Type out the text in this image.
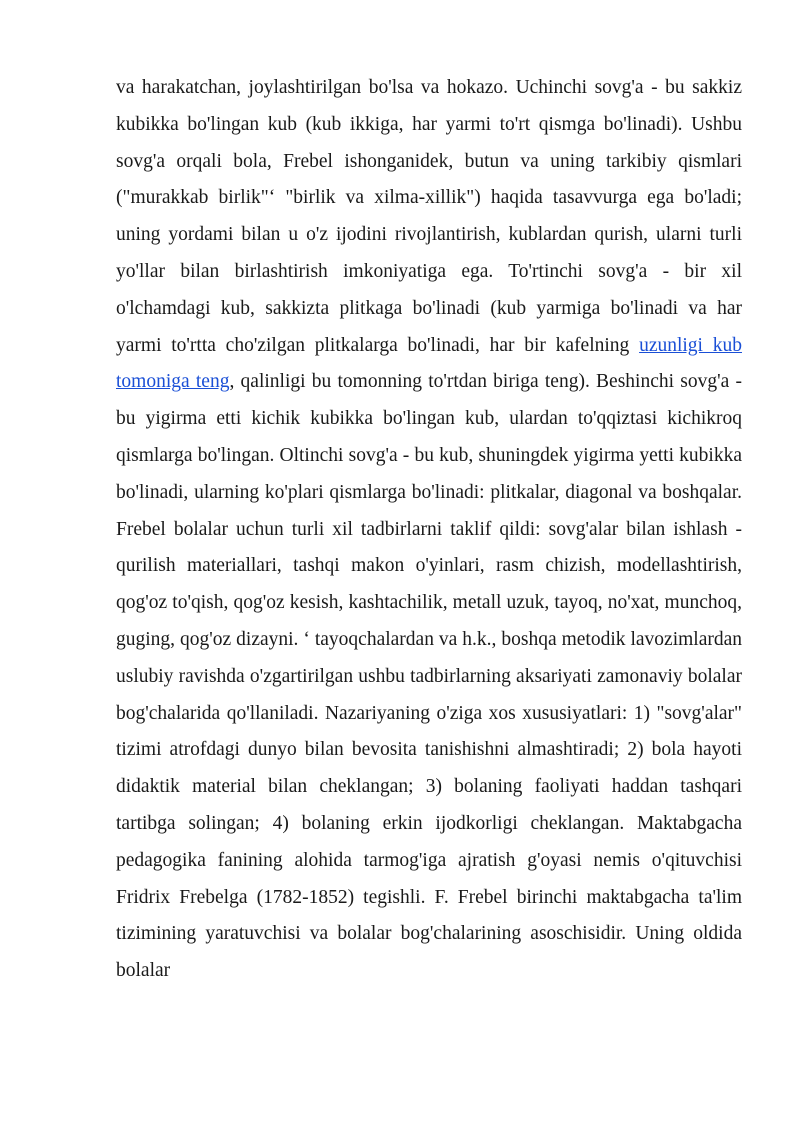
va harakatchan, joylashtirilgan bo'lsa va hokazo. Uchinchi sovg'a - bu sakkiz kubikka bo'lingan kub (kub ikkiga, har yarmi to'rt qismga bo'linadi). Ushbu sovg'a orqali bola, Frebel ishonganidek, butun va uning tarkibiy qismlari ("murakkab birlik"‘ "birlik va xilma-xillik") haqida tasavvurga ega bo'ladi; uning yordami bilan u o'z ijodini rivojlantirish, kublardan qurish, ularni turli yo'llar bilan birlashtirish imkoniyatiga ega. To'rtinchi sovg'a - bir xil o'lchamdagi kub, sakkizta plitkaga bo'linadi (kub yarmiga bo'linadi va har yarmi to'rtta cho'zilgan plitkalarga bo'linadi, har bir kafelning uzunligi kub tomoniga teng, qalinligi bu tomonning to'rtdan biriga teng). Beshinchi sovg'a - bu yigirma etti kichik kubikka bo'lingan kub, ulardan to'qqiztasi kichikroq qismlarga bo'lingan. Oltinchi sovg'a - bu kub, shuningdek yigirma yetti kubikka bo'linadi, ularning ko'plari qismlarga bo'linadi: plitkalar, diagonal va boshqalar. Frebel bolalar uchun turli xil tadbirlarni taklif qildi: sovg'alar bilan ishlash - qurilish materiallari, tashqi makon o'yinlari, rasm chizish, modellashtirish, qog'oz to'qish, qog'oz kesish, kashtachilik, metall uzuk, tayoq, no'xat, munchoq, guging, qog'oz dizayni. ‘ tayoqchalardan va h.k., boshqa metodik lavozimlardan uslubiy ravishda o'zgartirilgan ushbu tadbirlarning aksariyati zamonaviy bolalar bog'chalarida qo'llaniladi. Nazariyaning o'ziga xos xususiyatlari: 1) "sovg'alar" tizimi atrofdagi dunyo bilan bevosita tanishishni almashtiradi; 2) bola hayoti didaktik material bilan cheklangan; 3) bolaning faoliyati haddan tashqari tartibga solingan; 4) bolaning erkin ijodkorligi cheklangan. Maktabgacha pedagogika fanining alohida tarmog'iga ajratish g'oyasi nemis o'qituvchisi Fridrix Frebelga (1782-1852) tegishli. F. Frebel birinchi maktabgacha ta'lim tizimining yaratuvchisi va bolalar bog'chalarining asoschisidir. Uning oldida bolalar
